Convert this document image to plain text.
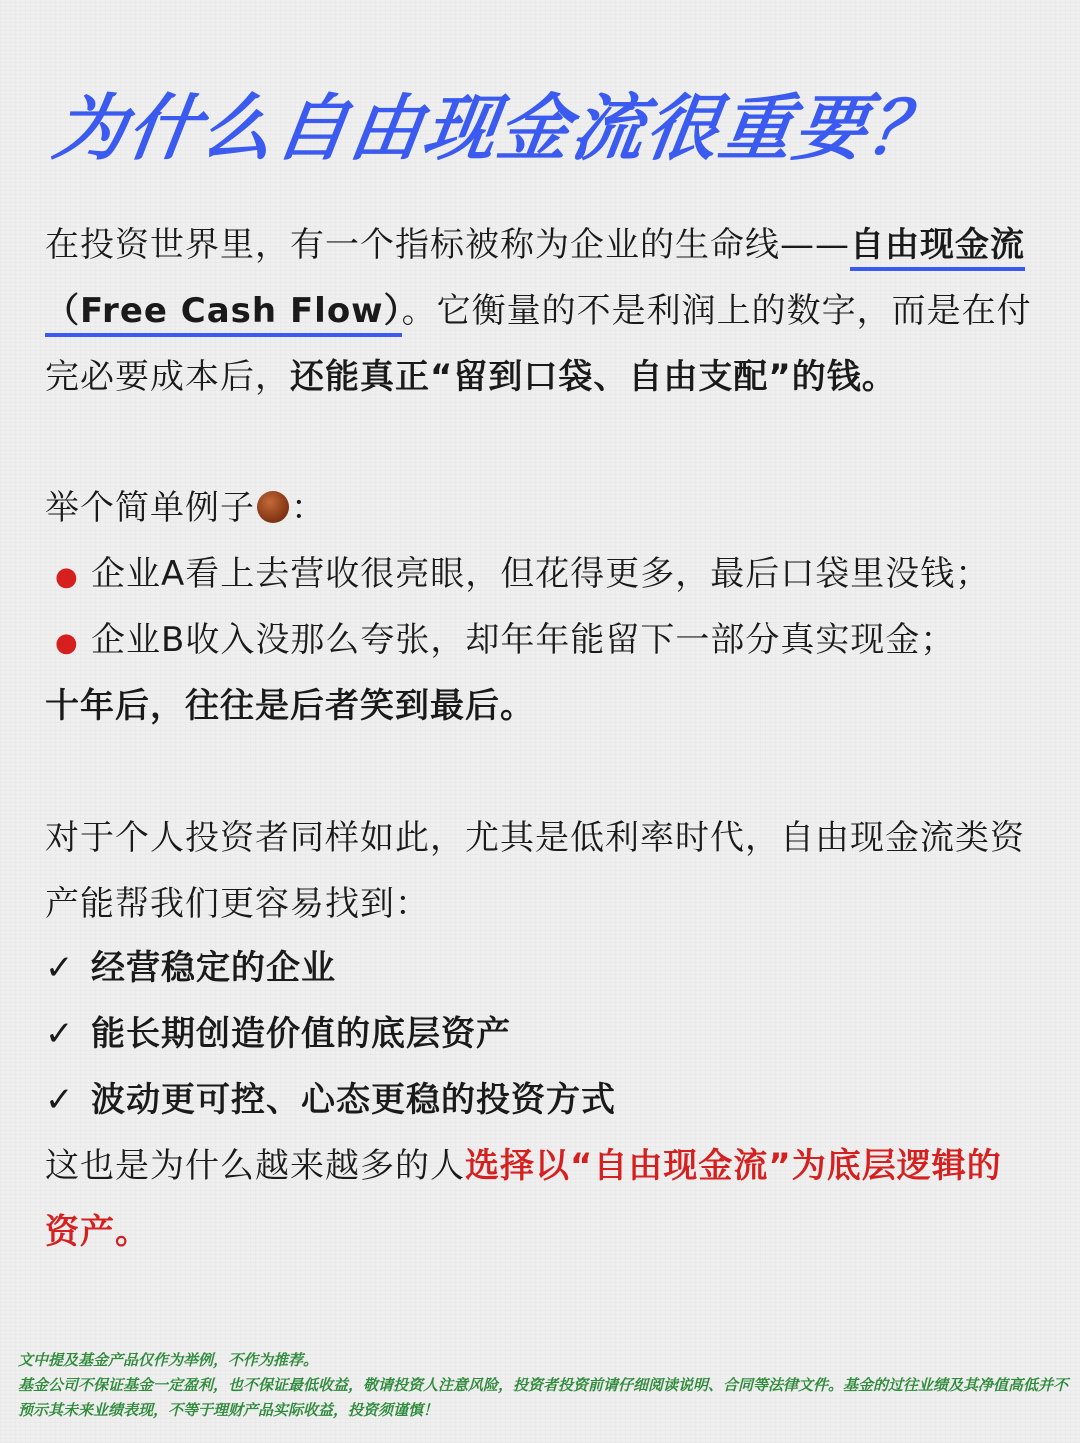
为什么自由现金流很重要？
在投资世界里，有一个指标被称为企业的生命线——自由现金流（Free Cash Flow）。它衡量的不是利润上的数字，而是在付完必要成本后，还能真正“留到口袋、自由支配”的钱。
举个简单例子 ：
● 企业A看上去营收很亮眼，但花得更多，最后口袋里没钱；
● 企业B收入没那么夸张，却年年能留下一部分真实现金；
十年后，往往是后者笑到最后。
对于个人投资者同样如此，尤其是低利率时代，自由现金流类资产能帮我们更容易找到：
✓ 经营稳定的企业
✓ 能长期创造价值的底层资产
✓ 波动更可控、心态更稳的投资方式
这也是为什么越来越多的人选择以“自由现金流”为底层逻辑的资产。
文中提及基金产品仅作为举例，不作为推荐。
基金公司不保证基金一定盈利，也不保证最低收益，敬请投资人注意风险，投资者投资前请仔细阅读说明、合同等法律文件。基金的过往业绩及其净值高低并不预示其未来业绩表现，不等于理财产品实际收益，投资须谨慎！
